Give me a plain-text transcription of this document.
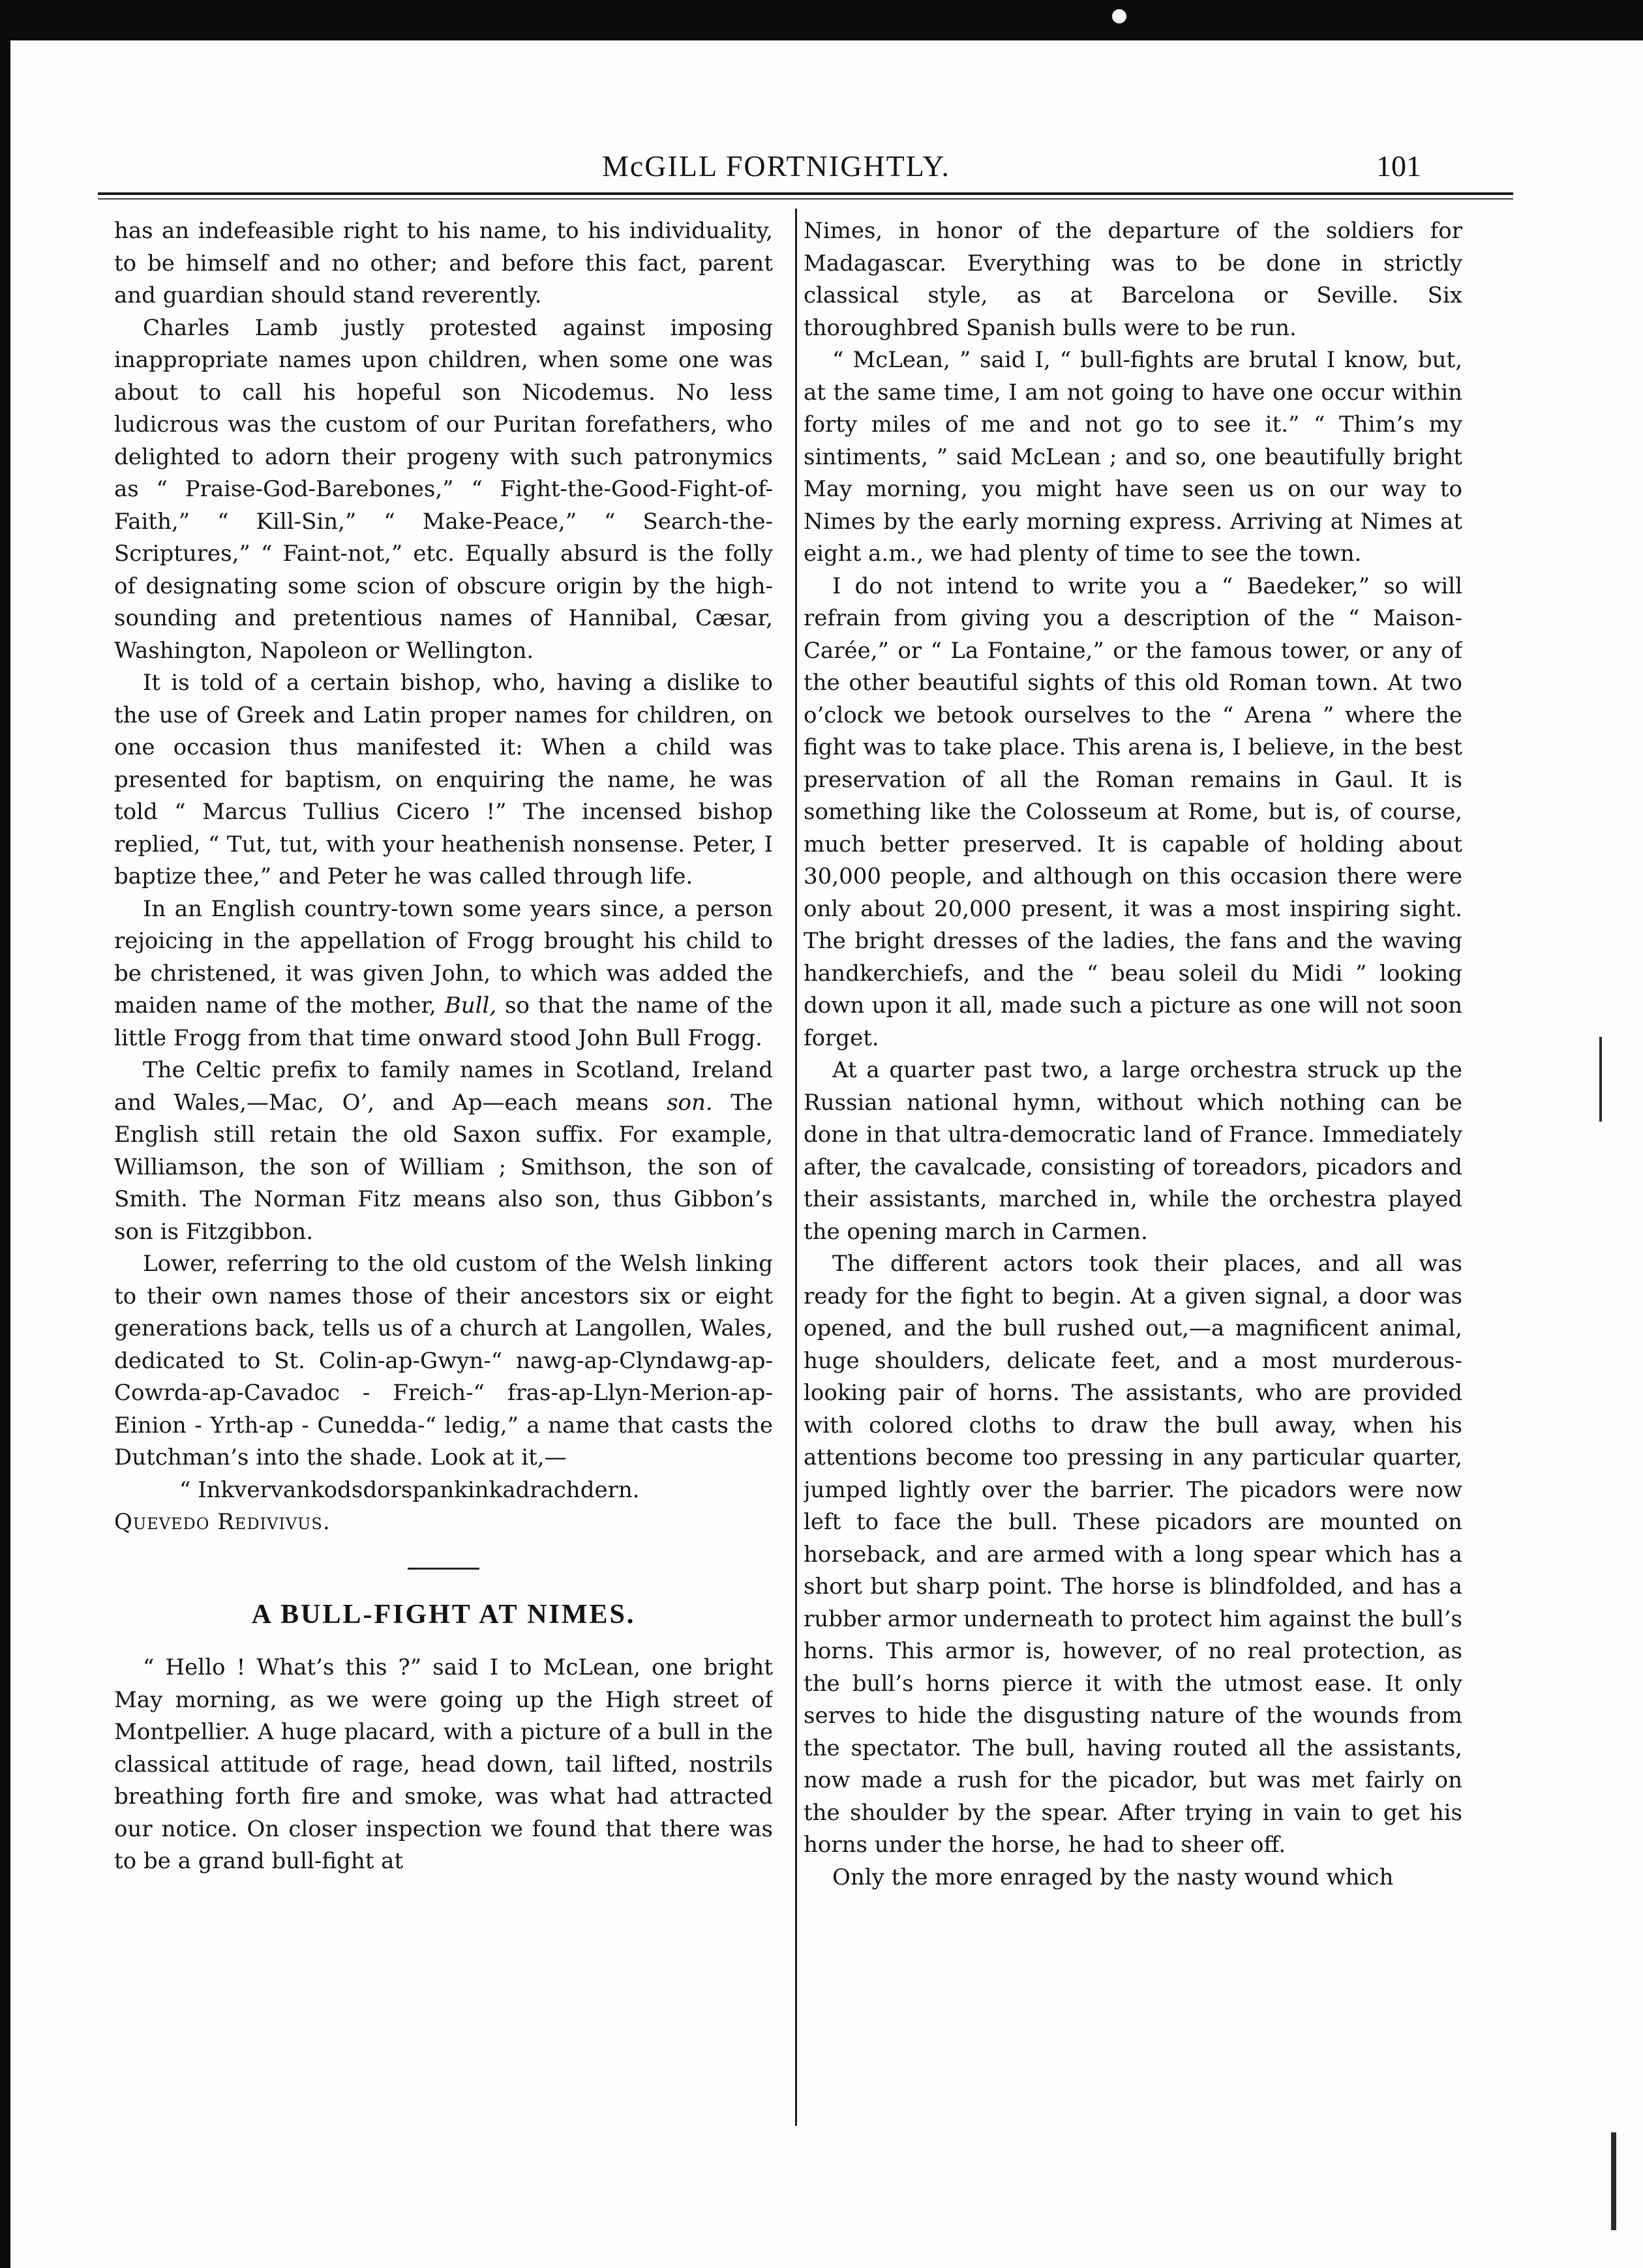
McGILL FORTNIGHTLY.	101

has an indefeasible right to his name, to his individuality, to be himself and no other; and before this fact, parent and guardian should stand reverently.

Charles Lamb justly protested against imposing inappropriate names upon children, when some one was about to call his hopeful son Nicodemus. No less ludicrous was the custom of our Puritan forefathers, who delighted to adorn their progeny with such patronymics as “ Praise-God-Barebones,” “ Fight-the-Good-Fight-of-Faith,” “ Kill-Sin,” “ Make-Peace,” “ Search-the-Scriptures,” “ Faint-not,” etc. Equally absurd is the folly of designating some scion of obscure origin by the high-sounding and pretentious names of Hannibal, Cæsar, Washington, Napoleon or Wellington.

It is told of a certain bishop, who, having a dislike to the use of Greek and Latin proper names for children, on one occasion thus manifested it: When a child was presented for baptism, on enquiring the name, he was told “ Marcus Tullius Cicero !” The incensed bishop replied, “ Tut, tut, with your heathenish nonsense. Peter, I baptize thee,” and Peter he was called through life.

In an English country-town some years since, a person rejoicing in the appellation of Frogg brought his child to be christened, it was given John, to which was added the maiden name of the mother, Bull, so that the name of the little Frogg from that time onward stood John Bull Frogg.

The Celtic prefix to family names in Scotland, Ireland and Wales,—Mac, O’, and Ap—each means son. The English still retain the old Saxon suffix. For example, Williamson, the son of William ; Smithson, the son of Smith. The Norman Fitz means also son, thus Gibbon’s son is Fitzgibbon.

Lower, referring to the old custom of the Welsh linking to their own names those of their ancestors six or eight generations back, tells us of a church at Langollen, Wales, dedicated to St. Colin-ap-Gwyn-“ nawg-ap-Clyndawg-ap-Cowrda-ap-Cavadoc - Freich-“ fras-ap-Llyn-Merion-ap-Einion - Yrth-ap - Cunedda-“ ledig,” a name that casts the Dutchman’s into the shade. Look at it,—

“ Inkvervankodsdorspankinkadrachdern.

Quevedo Redivivus.

A BULL-FIGHT AT NIMES.

“ Hello ! What’s this ?” said I to McLean, one bright May morning, as we were going up the High street of Montpellier. A huge placard, with a picture of a bull in the classical attitude of rage, head down, tail lifted, nostrils breathing forth fire and smoke, was what had attracted our notice. On closer inspection we found that there was to be a grand bull-fight at

Nimes, in honor of the departure of the soldiers for Madagascar. Everything was to be done in strictly classical style, as at Barcelona or Seville. Six thoroughbred Spanish bulls were to be run.

“ McLean, ” said I, “ bull-fights are brutal I know, but, at the same time, I am not going to have one occur within forty miles of me and not go to see it.” “ Thim’s my sintiments, ” said McLean ; and so, one beautifully bright May morning, you might have seen us on our way to Nimes by the early morning express. Arriving at Nimes at eight a.m., we had plenty of time to see the town.

I do not intend to write you a “ Baedeker,” so will refrain from giving you a description of the “ Maison-Carée,” or “ La Fontaine,” or the famous tower, or any of the other beautiful sights of this old Roman town. At two o’clock we betook ourselves to the “ Arena ” where the fight was to take place. This arena is, I believe, in the best preservation of all the Roman remains in Gaul. It is something like the Colosseum at Rome, but is, of course, much better preserved. It is capable of holding about 30,000 people, and although on this occasion there were only about 20,000 present, it was a most inspiring sight. The bright dresses of the ladies, the fans and the waving handkerchiefs, and the “ beau soleil du Midi ” looking down upon it all, made such a picture as one will not soon forget.

At a quarter past two, a large orchestra struck up the Russian national hymn, without which nothing can be done in that ultra-democratic land of France. Immediately after, the cavalcade, consisting of toreadors, picadors and their assistants, marched in, while the orchestra played the opening march in Carmen.

The different actors took their places, and all was ready for the fight to begin. At a given signal, a door was opened, and the bull rushed out,—a magnificent animal, huge shoulders, delicate feet, and a most murderous-looking pair of horns. The assistants, who are provided with colored cloths to draw the bull away, when his attentions become too pressing in any particular quarter, jumped lightly over the barrier. The picadors were now left to face the bull. These picadors are mounted on horseback, and are armed with a long spear which has a short but sharp point. The horse is blindfolded, and has a rubber armor underneath to protect him against the bull’s horns. This armor is, however, of no real protection, as the bull’s horns pierce it with the utmost ease. It only serves to hide the disgusting nature of the wounds from the spectator. The bull, having routed all the assistants, now made a rush for the picador, but was met fairly on the shoulder by the spear. After trying in vain to get his horns under the horse, he had to sheer off.

Only the more enraged by the nasty wound which
